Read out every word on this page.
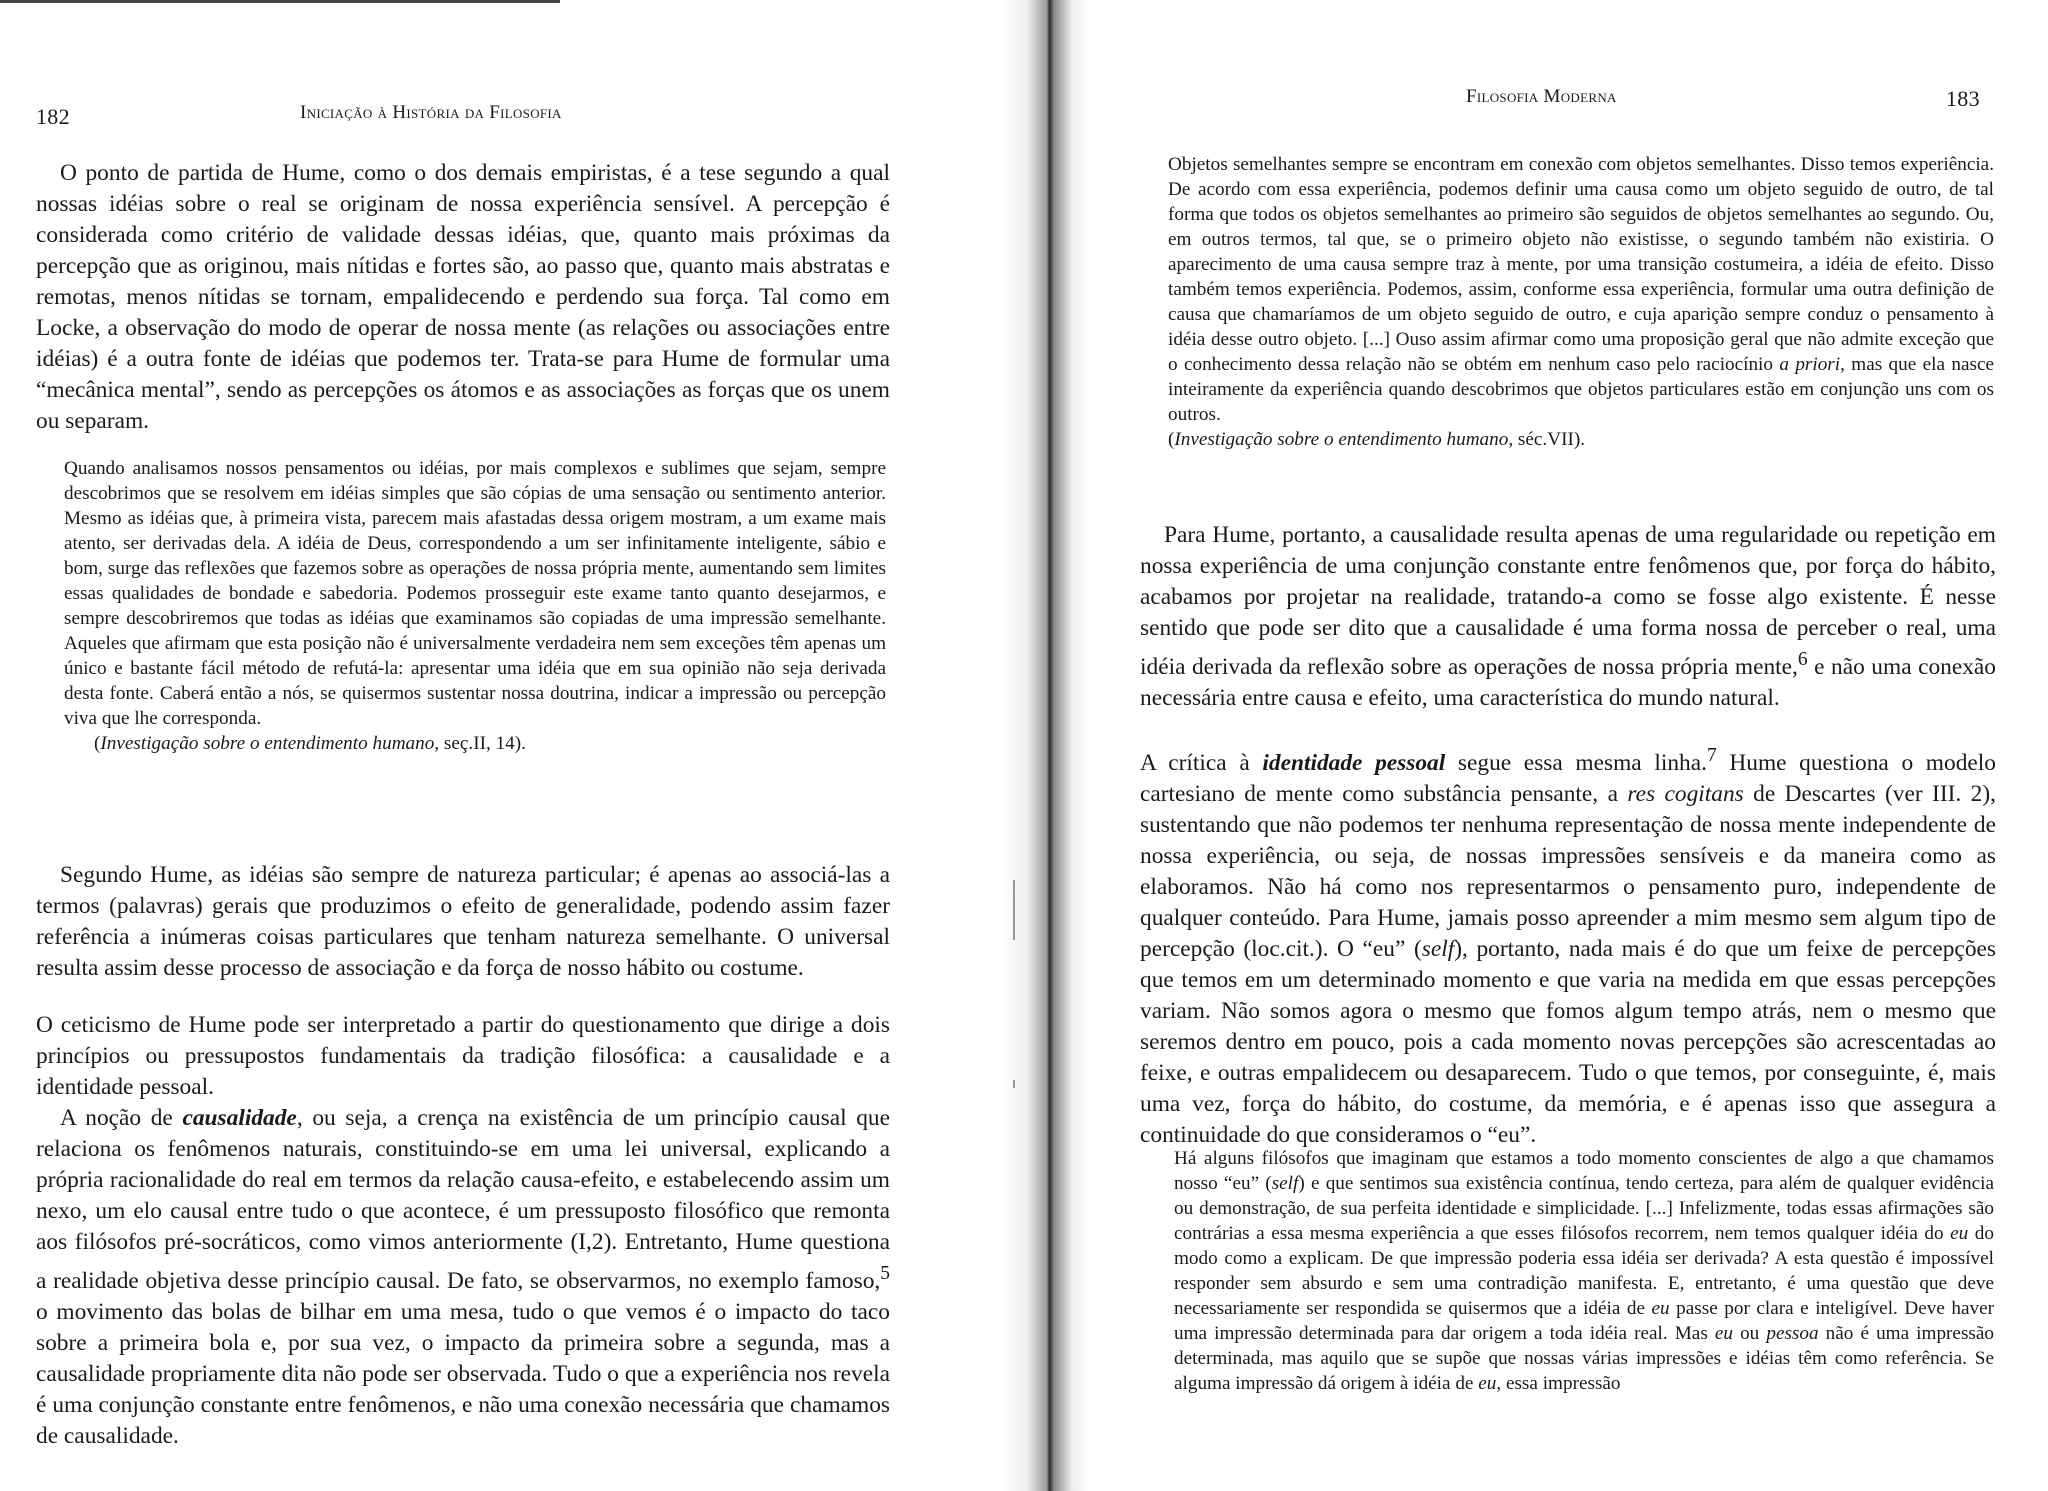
182	Iniciação à História da Filosofia

O ponto de partida de Hume, como o dos demais empiristas, é a tese segundo a qual nossas idéias sobre o real se originam de nossa experiência sensível. A percepção é considerada como critério de validade dessas idéias, que, quanto mais próximas da percepção que as originou, mais nítidas e fortes são, ao passo que, quanto mais abstratas e remotas, menos nítidas se tornam, empalidecendo e perdendo sua força. Tal como em Locke, a observação do modo de operar de nossa mente (as relações ou associações entre idéias) é a outra fonte de idéias que podemos ter. Trata-se para Hume de formular uma “mecânica mental”, sendo as percepções os átomos e as associações as forças que os unem ou separam.

Quando analisamos nossos pensamentos ou idéias, por mais complexos e sublimes que sejam, sempre descobrimos que se resolvem em idéias simples que são cópias de uma sensação ou sentimento anterior. Mesmo as idéias que, à primeira vista, parecem mais afastadas dessa origem mostram, a um exame mais atento, ser derivadas dela. A idéia de Deus, correspondendo a um ser infinitamente inteligente, sábio e bom, surge das reflexões que fazemos sobre as operações de nossa própria mente, aumentando sem limites essas qualidades de bondade e sabedoria. Podemos prosseguir este exame tanto quanto desejarmos, e sempre descobriremos que todas as idéias que examinamos são copiadas de uma impressão semelhante. Aqueles que afirmam que esta posição não é universalmente verdadeira nem sem exceções têm apenas um único e bastante fácil método de refutá-la: apresentar uma idéia que em sua opinião não seja derivada desta fonte. Caberá então a nós, se quisermos sustentar nossa doutrina, indicar a impressão ou percepção viva que lhe corresponda.

(Investigação sobre o entendimento humano, seç.II, 14).

Segundo Hume, as idéias são sempre de natureza particular; é apenas ao associá-las a termos (palavras) gerais que produzimos o efeito de generalidade, podendo assim fazer referência a inúmeras coisas particulares que tenham natureza semelhante. O universal resulta assim desse processo de associação e da força de nosso hábito ou costume.

O ceticismo de Hume pode ser interpretado a partir do questionamento que dirige a dois princípios ou pressupostos fundamentais da tradição filosófica: a causalidade e a identidade pessoal.

A noção de causalidade, ou seja, a crença na existência de um princípio causal que relaciona os fenômenos naturais, constituindo-se em uma lei universal, explicando a própria racionalidade do real em termos da relação causa-efeito, e estabelecendo assim um nexo, um elo causal entre tudo o que acontece, é um pressuposto filosófico que remonta aos filósofos pré-socráticos, como vimos anteriormente (I,2). Entretanto, Hume questiona a realidade objetiva desse princípio causal. De fato, se observarmos, no exemplo famoso,$^5$ o movimento das bolas de bilhar em uma mesa, tudo o que vemos é o impacto do taco sobre a primeira bola e, por sua vez, o impacto da primeira sobre a segunda, mas a causalidade propriamente dita não pode ser observada. Tudo o que a experiência nos revela é uma conjunção constante entre fenômenos, e não uma conexão necessária que chamamos de causalidade.

Filosofia Moderna	183

Objetos semelhantes sempre se encontram em conexão com objetos semelhantes. Disso temos experiência. De acordo com essa experiência, podemos definir uma causa como um objeto seguido de outro, de tal forma que todos os objetos semelhantes ao primeiro são seguidos de objetos semelhantes ao segundo. Ou, em outros termos, tal que, se o primeiro objeto não existisse, o segundo também não existiria. O aparecimento de uma causa sempre traz à mente, por uma transição costumeira, a idéia de efeito. Disso também temos experiência. Podemos, assim, conforme essa experiência, formular uma outra definição de causa que chamaríamos de um objeto seguido de outro, e cuja aparição sempre conduz o pensamento à idéia desse outro objeto. [...] Ouso assim afirmar como uma proposição geral que não admite exceção que o conhecimento dessa relação não se obtém em nenhum caso pelo raciocínio a priori, mas que ela nasce inteiramente da experiência quando descobrimos que objetos particulares estão em conjunção uns com os outros.

(Investigação sobre o entendimento humano, séc.VII).

Para Hume, portanto, a causalidade resulta apenas de uma regularidade ou repetição em nossa experiência de uma conjunção constante entre fenômenos que, por força do hábito, acabamos por projetar na realidade, tratando-a como se fosse algo existente. É nesse sentido que pode ser dito que a causalidade é uma forma nossa de perceber o real, uma idéia derivada da reflexão sobre as operações de nossa própria mente,$^6$ e não uma conexão necessária entre causa e efeito, uma característica do mundo natural.

A crítica à identidade pessoal segue essa mesma linha.$^7$ Hume questiona o modelo cartesiano de mente como substância pensante, a res cogitans de Descartes (ver III. 2), sustentando que não podemos ter nenhuma representação de nossa mente independente de nossa experiência, ou seja, de nossas impressões sensíveis e da maneira como as elaboramos. Não há como nos representarmos o pensamento puro, independente de qualquer conteúdo. Para Hume, jamais posso apreender a mim mesmo sem algum tipo de percepção (loc.cit.). O “eu” (self), portanto, nada mais é do que um feixe de percepções que temos em um determinado momento e que varia na medida em que essas percepções variam. Não somos agora o mesmo que fomos algum tempo atrás, nem o mesmo que seremos dentro em pouco, pois a cada momento novas percepções são acrescentadas ao feixe, e outras empalidecem ou desaparecem. Tudo o que temos, por conseguinte, é, mais uma vez, força do hábito, do costume, da memória, e é apenas isso que assegura a continuidade do que consideramos o “eu”.

Há alguns filósofos que imaginam que estamos a todo momento conscientes de algo a que chamamos nosso “eu” (self) e que sentimos sua existência contínua, tendo certeza, para além de qualquer evidência ou demonstração, de sua perfeita identidade e simplicidade. [...] Infelizmente, todas essas afirmações são contrárias a essa mesma experiência a que esses filósofos recorrem, nem temos qualquer idéia do eu do modo como a explicam. De que impressão poderia essa idéia ser derivada? A esta questão é impossível responder sem absurdo e sem uma contradição manifesta. E, entretanto, é uma questão que deve necessariamente ser respondida se quisermos que a idéia de eu passe por clara e inteligível. Deve haver uma impressão determinada para dar origem a toda idéia real. Mas eu ou pessoa não é uma impressão determinada, mas aquilo que se supõe que nossas várias impressões e idéias têm como referência. Se alguma impressão dá origem à idéia de eu, essa impressão
